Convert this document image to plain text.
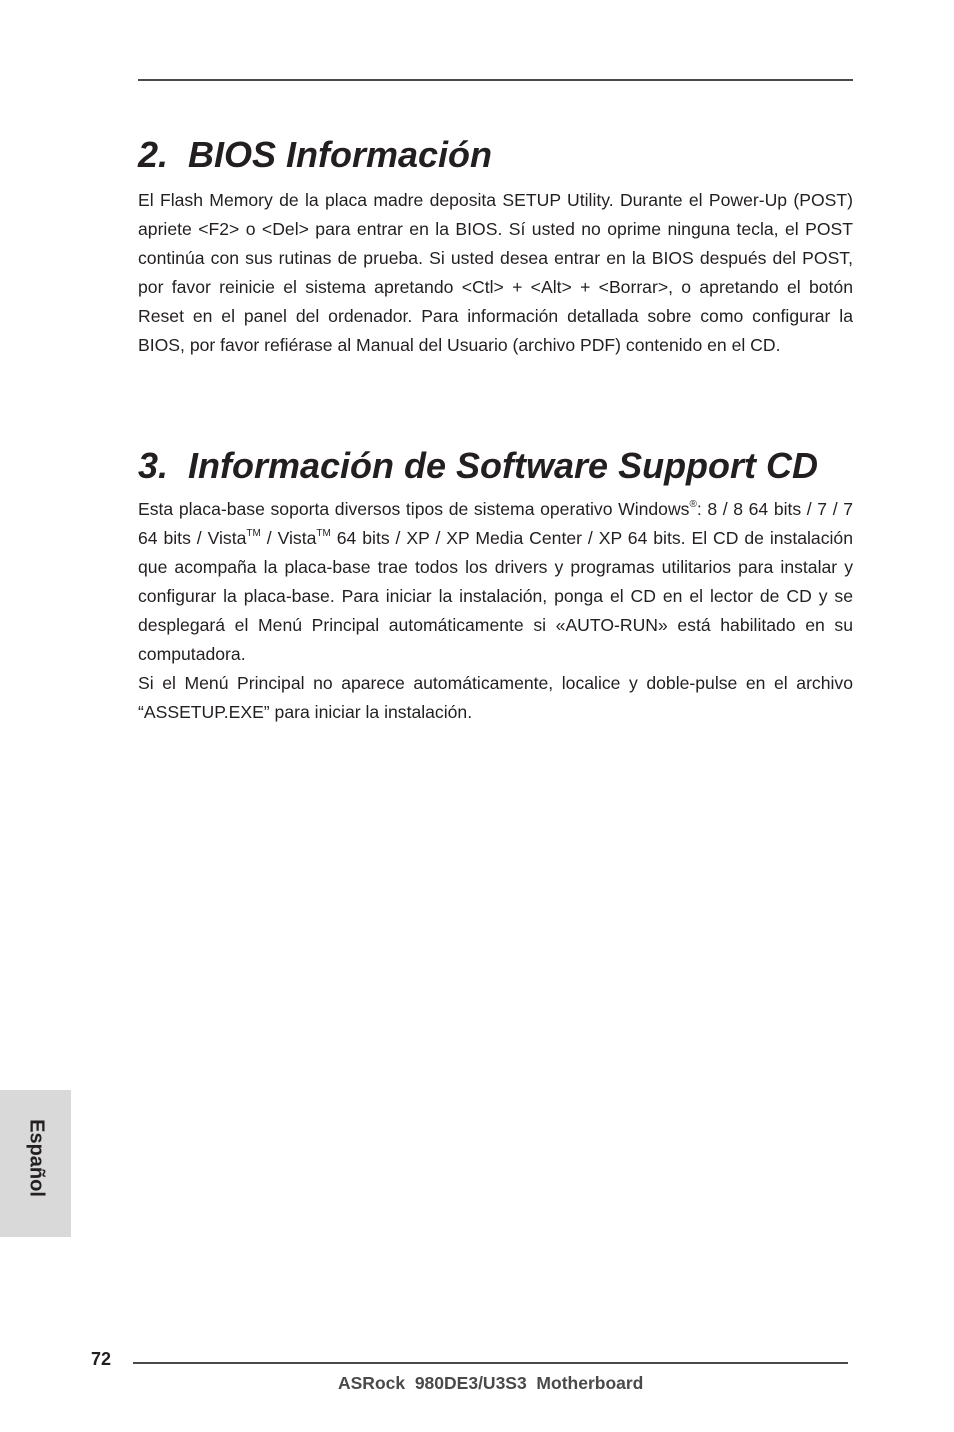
2. BIOS Información

El Flash Memory de la placa madre deposita SETUP Utility. Durante el Power-Up (POST) apriete <F2> o <Del> para entrar en la BIOS. Sí usted no oprime ninguna tecla, el POST continúa con sus rutinas de prueba. Si usted desea entrar en la BIOS después del POST, por favor reinicie el sistema apretando <Ctl> + <Alt> + <Borrar>, o apretando el botón Reset en el panel del ordenador. Para información detallada sobre como configurar la BIOS, por favor refiérase al Manual del Usuario (archivo PDF) contenido en el CD.

3. Información de Software Support CD

Esta placa-base soporta diversos tipos de sistema operativo Windows®: 8 / 8 64 bits / 7 / 7 64 bits / Vista™ / Vista™ 64 bits / XP / XP Media Center / XP 64 bits. El CD de instalación que acompaña la placa-base trae todos los drivers y programas utilitarios para instalar y configurar la placa-base. Para iniciar la instalación, ponga el CD en el lector de CD y se desplegará el Menú Principal automáticamente si «AUTO-RUN» está habilitado en su computadora.

Si el Menú Principal no aparece automáticamente, localice y doble-pulse en el archivo “ASSETUP.EXE” para iniciar la instalación.

Español
72
ASRock  980DE3/U3S3  Motherboard
